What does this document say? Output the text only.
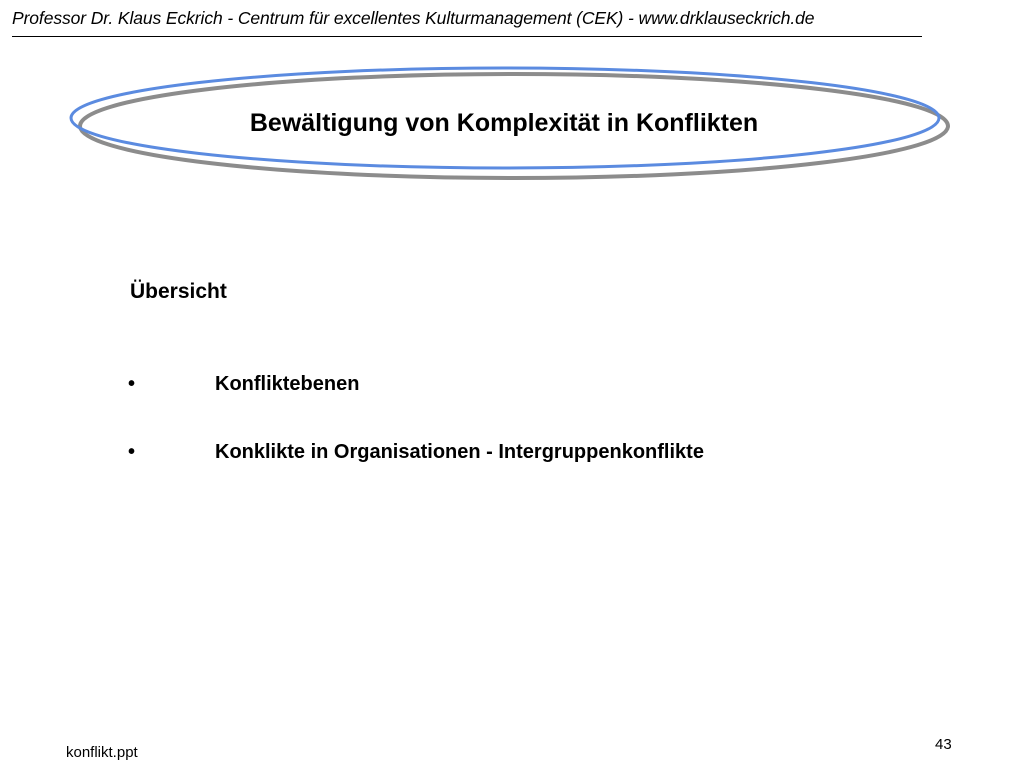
Professor Dr. Klaus Eckrich - Centrum für excellentes Kulturmanagement (CEK) - www.drklauseckrich.de
Bewältigung von Komplexität in Konflikten
Übersicht
•	Konfliktebenen
•	Konklikte in Organisationen - Intergruppenkonflikte
konflikt.ppt	43
